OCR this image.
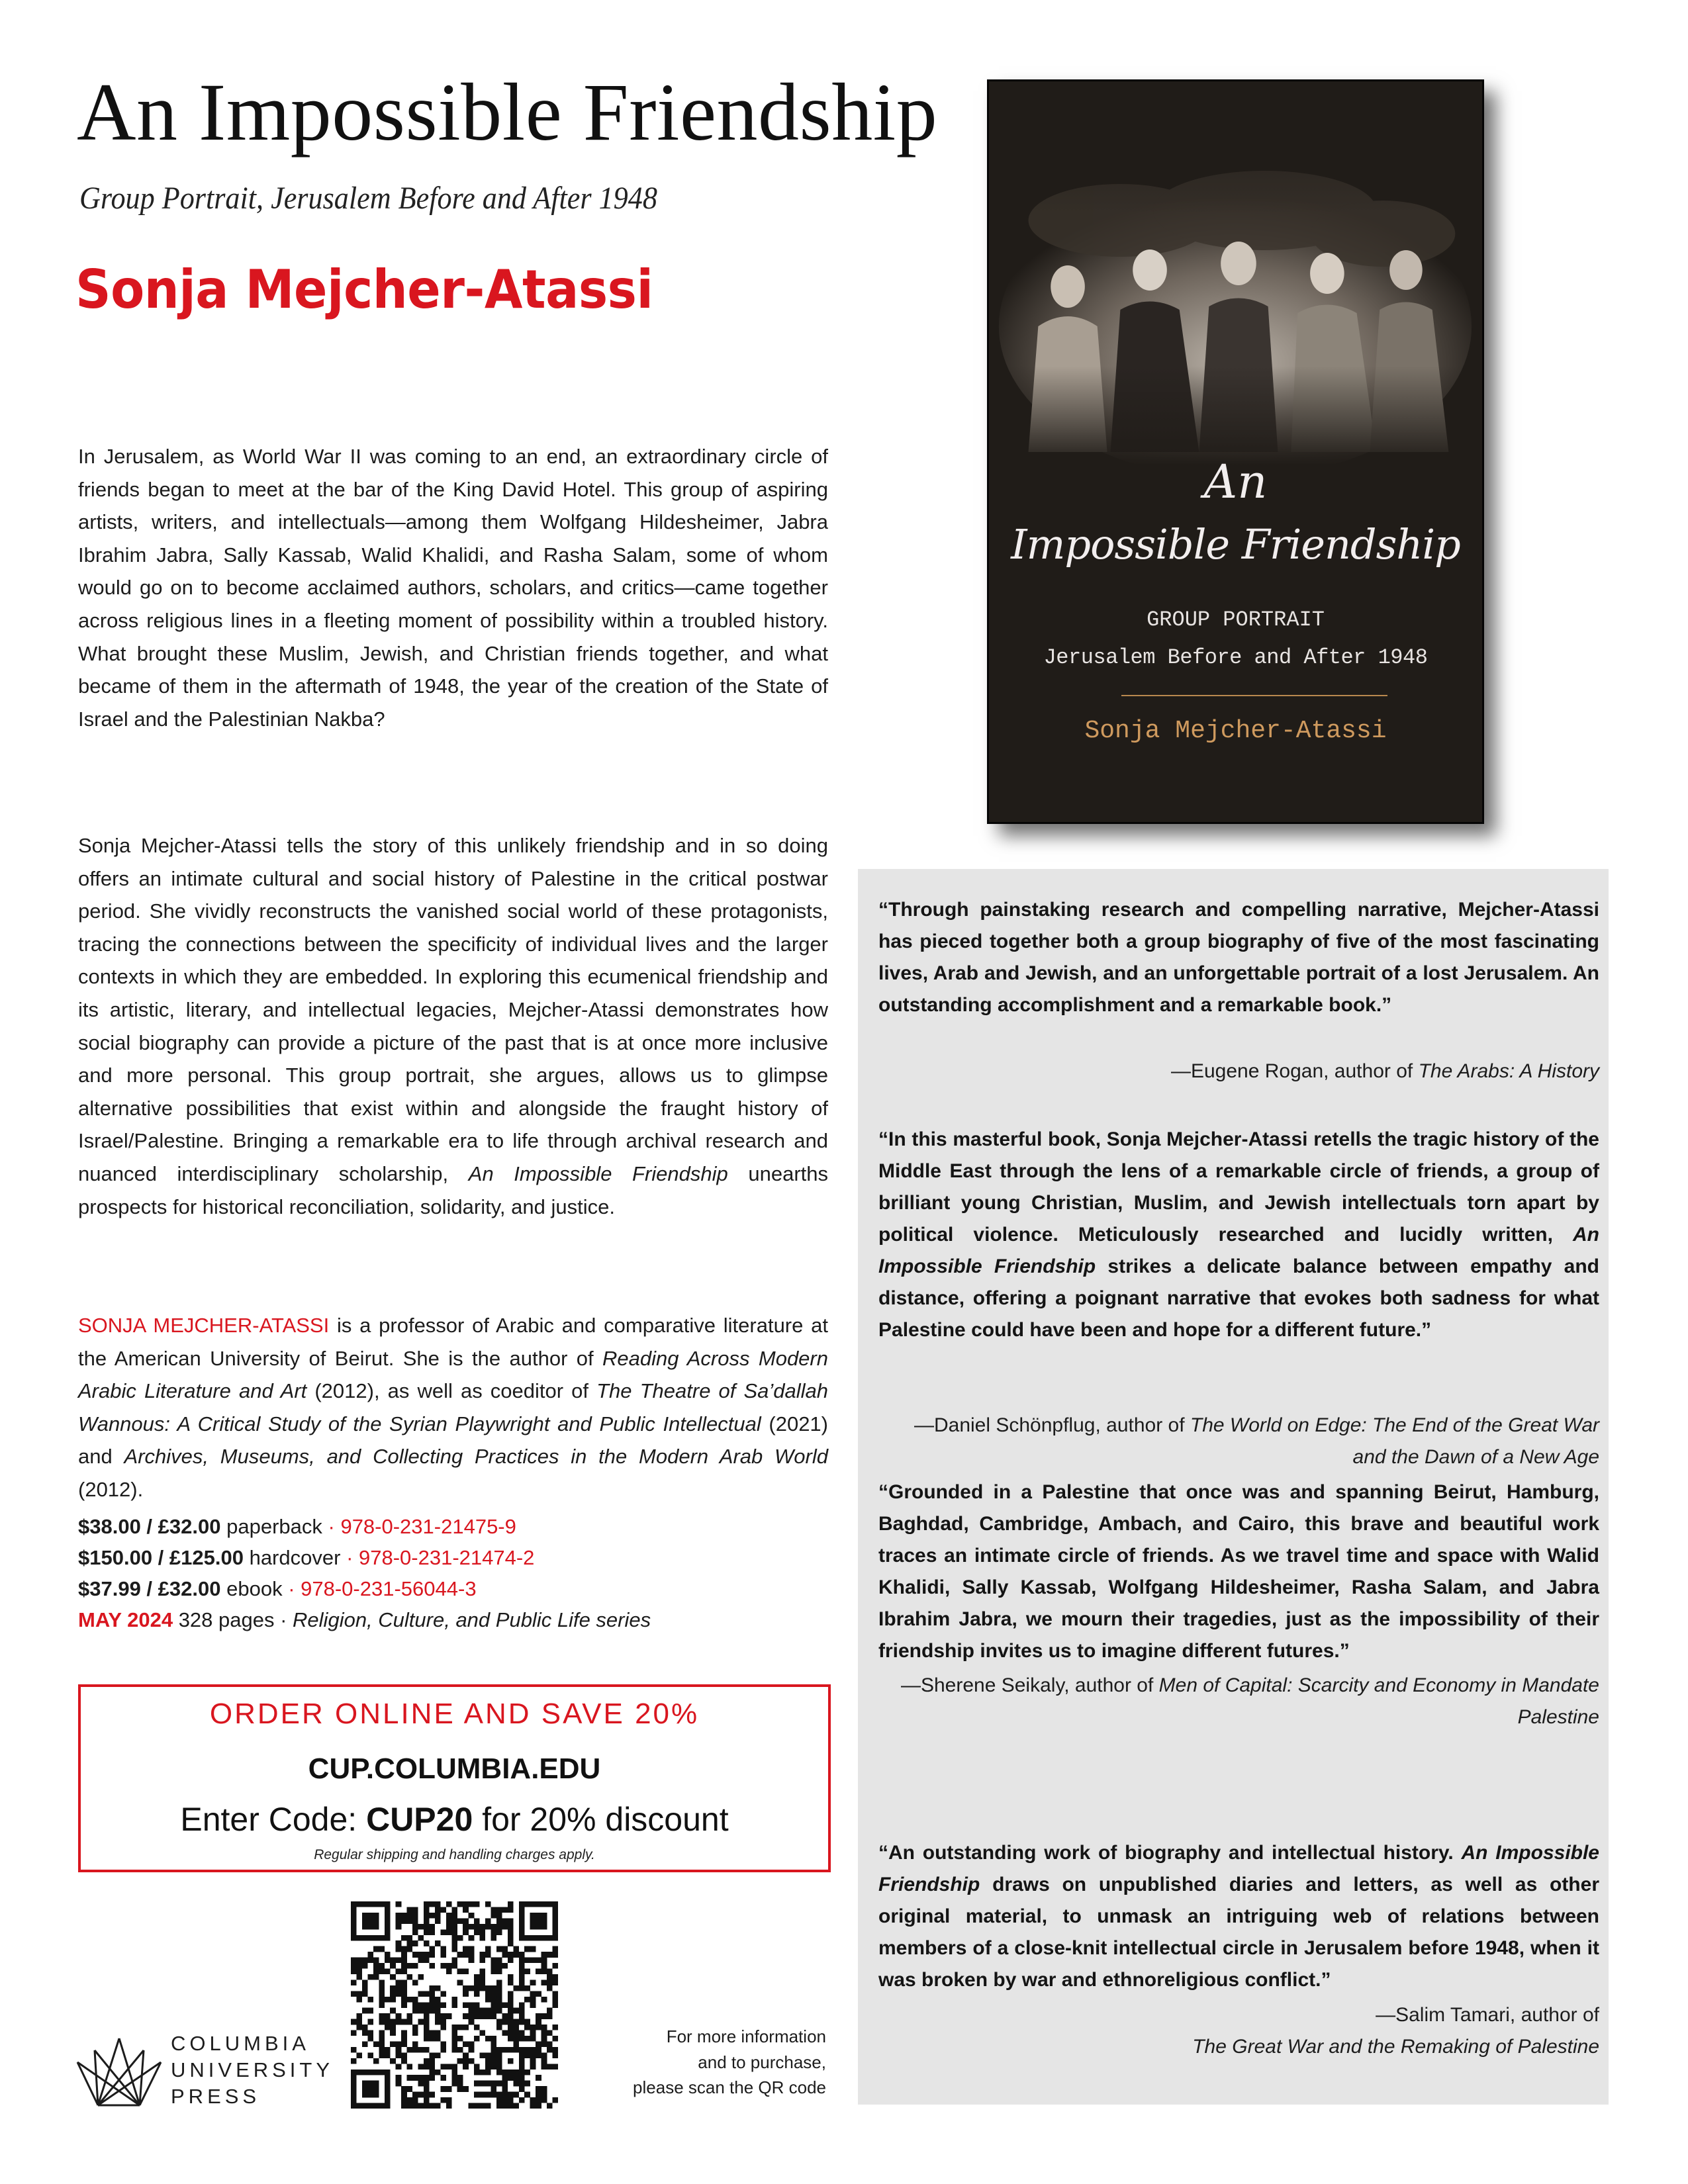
An Impossible Friendship
Group Portrait, Jerusalem Before and After 1948
Sonja Mejcher-Atassi

In Jerusalem, as World War II was coming to an end, an extraordinary circle of friends began to meet at the bar of the King David Hotel. This group of aspiring artists, writers, and intellectuals—among them Wolfgang Hildesheimer, Jabra Ibrahim Jabra, Sally Kassab, Walid Khalidi, and Rasha Salam, some of whom would go on to become acclaimed authors, scholars, and critics—came together across religious lines in a fleeting moment of possibility within a troubled history. What brought these Muslim, Jewish, and Christian friends together, and what became of them in the aftermath of 1948, the year of the creation of the State of Israel and the Palestinian Nakba?

Sonja Mejcher-Atassi tells the story of this unlikely friendship and in so doing offers an intimate cultural and social history of Palestine in the critical postwar period. She vividly reconstructs the vanished social world of these protagonists, tracing the connections between the specificity of individual lives and the larger contexts in which they are embedded. In exploring this ecumenical friendship and its artistic, literary, and intellectual legacies, Mejcher-Atassi demonstrates how social biography can provide a picture of the past that is at once more inclusive and more personal. This group portrait, she argues, allows us to glimpse alternative possibilities that exist within and alongside the fraught history of Israel/Palestine. Bringing a remarkable era to life through archival research and nuanced interdisciplinary scholarship, An Impossible Friendship unearths prospects for historical reconciliation, solidarity, and justice.

SONJA MEJCHER-ATASSI is a professor of Arabic and comparative literature at the American University of Beirut. She is the author of Reading Across Modern Arabic Literature and Art (2012), as well as coeditor of The Theatre of Sa’dallah Wannous: A Critical Study of the Syrian Playwright and Public Intellectual (2021) and Archives, Museums, and Collecting Practices in the Modern Arab World (2012).

$38.00 / £32.00 paperback · 978-0-231-21475-9
$150.00 / £125.00 hardcover · 978-0-231-21474-2
$37.99 / £32.00 ebook · 978-0-231-56044-3
MAY 2024 328 pages · Religion, Culture, and Public Life series
ORDER ONLINE AND SAVE 20%
CUP.COLUMBIA.EDU
Enter Code: CUP20 for 20% discount
Regular shipping and handling charges apply.
COLUMBIA
UNIVERSITY
PRESS
For more information
and to purchase,
please scan the QR code
An
Impossible Friendship
GROUP PORTRAIT
Jerusalem Before and After 1948
Sonja Mejcher-Atassi
“Through painstaking research and compelling narrative, Mejcher-Atassi has pieced together both a group biography of five of the most fascinating lives, Arab and Jewish, and an unforgettable portrait of a lost Jerusalem. An outstanding accomplishment and a remarkable book.”
—Eugene Rogan, author of The Arabs: A History
“In this masterful book, Sonja Mejcher-Atassi retells the tragic history of the Middle East through the lens of a remarkable circle of friends, a group of brilliant young Christian, Muslim, and Jewish intellectuals torn apart by political violence. Meticulously researched and lucidly written, An Impossible Friendship strikes a delicate balance between empathy and distance, offering a poignant narrative that evokes both sadness for what Palestine could have been and hope for a different future.”
—Daniel Schönpflug, author of The World on Edge: The End of the Great War and the Dawn of a New Age
“Grounded in a Palestine that once was and spanning Beirut, Hamburg, Baghdad, Cambridge, Ambach, and Cairo, this brave and beautiful work traces an intimate circle of friends. As we travel time and space with Walid Khalidi, Sally Kassab, Wolfgang Hildesheimer, Rasha Salam, and Jabra Ibrahim Jabra, we mourn their tragedies, just as the impossibility of their friendship invites us to imagine different futures.”
—Sherene Seikaly, author of Men of Capital: Scarcity and Economy in Mandate Palestine
“An outstanding work of biography and intellectual history. An Impossible Friendship draws on unpublished diaries and letters, as well as other original material, to unmask an intriguing web of relations between members of a close-knit intellectual circle in Jerusalem before 1948, when it was broken by war and ethnoreligious conflict.”
—Salim Tamari, author of
The Great War and the Remaking of Palestine
